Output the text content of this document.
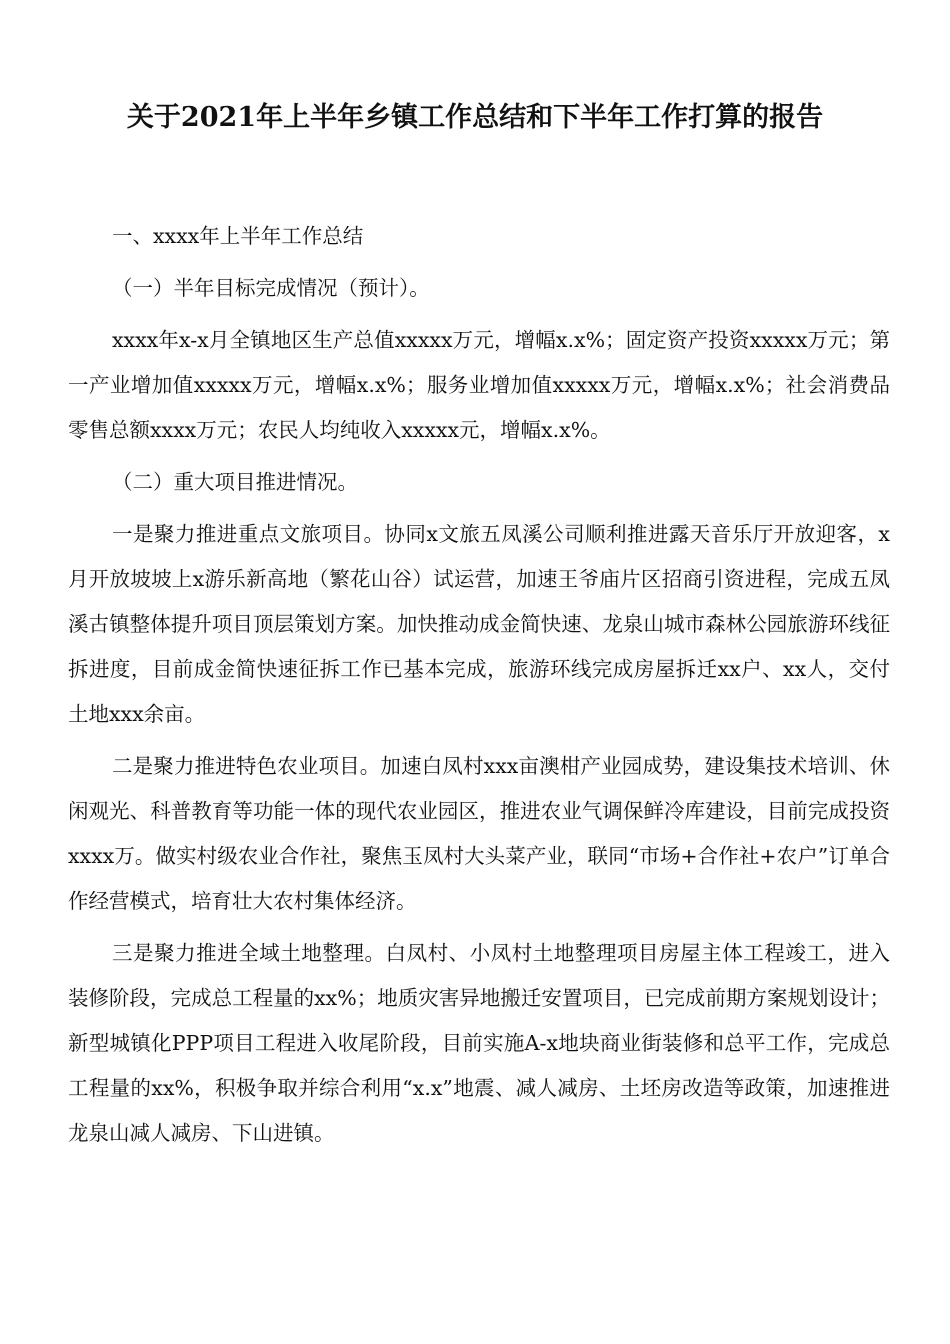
关于2021年上半年乡镇工作总结和下半年工作打算的报告

一、xxxx年上半年工作总结

（一）半年目标完成情况（预计）。

xxxx年x-x月全镇地区生产总值xxxxx万元，增幅x.x%；固定资产投资xxxxx万元；第一产业增加值xxxxx万元，增幅x.x%；服务业增加值xxxxx万元，增幅x.x%；社会消费品零售总额xxxx万元；农民人均纯收入xxxxx元，增幅x.x%。

（二）重大项目推进情况。

一是聚力推进重点文旅项目。协同x文旅五凤溪公司顺利推进露天音乐厅开放迎客，x月开放坡坡上x游乐新高地（繁花山谷）试运营，加速王爷庙片区招商引资进程，完成五凤溪古镇整体提升项目顶层策划方案。加快推动成金简快速、龙泉山城市森林公园旅游环线征拆进度，目前成金简快速征拆工作已基本完成，旅游环线完成房屋拆迁xx户、xx人，交付土地xxx余亩。

二是聚力推进特色农业项目。加速白凤村xxx亩澳柑产业园成势，建设集技术培训、休闲观光、科普教育等功能一体的现代农业园区，推进农业气调保鲜冷库建设，目前完成投资xxxx万。做实村级农业合作社，聚焦玉凤村大头菜产业，联同“市场+合作社+农户”订单合作经营模式，培育壮大农村集体经济。

三是聚力推进全域土地整理。白凤村、小凤村土地整理项目房屋主体工程竣工，进入装修阶段，完成总工程量的xx%；地质灾害异地搬迁安置项目，已完成前期方案规划设计；新型城镇化PPP项目工程进入收尾阶段，目前实施A-x地块商业街装修和总平工作，完成总工程量的xx%，积极争取并综合利用“x.x”地震、减人减房、土坯房改造等政策，加速推进龙泉山减人减房、下山进镇。
